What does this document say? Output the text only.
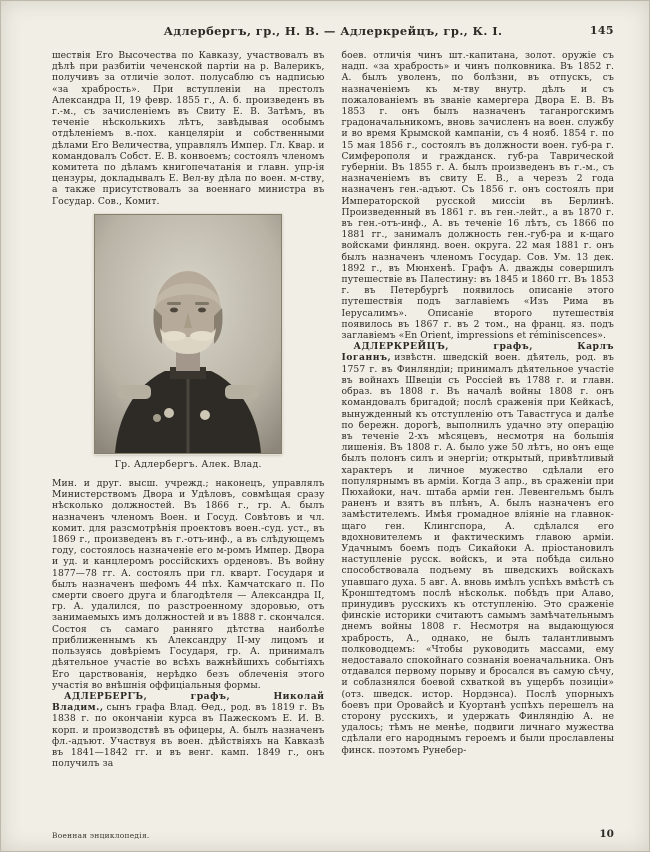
Адлербергъ, гр., Н. В. — Адлеркрейцъ, гр., К. I.	145

шествія Его Высочества по Кавказу, участвовалъ въ дѣлѣ при разбитіи чеченской партіи на р. Валерикъ, получивъ за отличіе золот. полусаблю съ надписью «за храбрость». При вступленіи на престолъ Александра II, 19 февр. 1855 г., А. б. произведенъ въ г.-м., съ зачисленіемъ въ Свиту Е. В. Затѣмъ, въ теченіе нѣсколькихъ лѣтъ, завѣдывая особымъ отдѣленіемъ в.-пох. канцеляріи и собственными дѣлами Его Величества, управлялъ Импер. Гл. Квар. и командовалъ Собст. Е. В. конвоемъ; состоялъ членомъ комитета по дѣламъ книгопечатанія и главн. упр-ія цензуры, докладывалъ Е. Вел-ву дѣла по воен. м-ству, а также присутствовалъ за военнаго министра въ Государ. Сов., Комит.

Гр. Адлербергъ. Алек. Влад.

Мин. и друг. высш. учрежд.; наконецъ, управлялъ Министерствомъ Двора и Удѣловъ, совмѣщая сразу нѣсколько должностей. Въ 1866 г., гр. А. былъ назначенъ членомъ Воен. и Госуд. Совѣтовъ и чл. комит. для разсмотрѣнія проектовъ воен.-суд. уст., въ 1869 г., произведенъ въ г.-отъ-инф., а въ слѣдующемъ году, состоялось назначеніе его м-ромъ Импер. Двора и уд. и канцлеромъ россійскихъ орденовъ. Въ войну 1877—78 гг. А. состоялъ при гл. кварт. Государя и былъ назначенъ шефомъ 44 пѣх. Камчатскаго п. По смерти своего друга и благодѣтеля — Александра II, гр. А. удалился, по разстроенному здоровью, отъ занимаемыхъ имъ должностей и въ 1888 г. скончался. Состоя съ самаго ранняго дѣтства наиболѣе приближеннымъ къ Александру II-му лицомъ и пользуясь довѣріемъ Государя, гр. А. принималъ дѣятельное участіе во всѣхъ важнѣйшихъ событіяхъ Его царствованія, нерѣдко безъ облеченія этого участія во внѣшнія оффиціальныя формы.

АДЛЕРБЕРГЪ, графъ, Николай Владим., сынъ графа Влад. Ѳед., род. въ 1819 г. Въ 1838 г. по окончаніи курса въ Пажескомъ Е. И. В. корп. и производствѣ въ офицеры, А. былъ назначенъ фл.-адъют. Участвуя въ воен. дѣйствіяхъ на Кавказѣ въ 1841—1842 гг. и въ венг. камп. 1849 г., онъ получилъ за

боев. отличія чинъ шт.-капитана, золот. оружіе съ надп. «за храбрость» и чинъ полковника. Въ 1852 г. А. былъ уволенъ, по болѣзни, въ отпускъ, съ назначеніемъ къ м-тву внутр. дѣлъ и съ пожалованіемъ въ званіе камергера Двора Е. В. Въ 1853 г. онъ былъ назначенъ таганрогскимъ градоначальникомъ, вновь зачисленъ на воен. службу и во время Крымской кампаніи, съ 4 нояб. 1854 г. по 15 мая 1856 г., состоялъ въ должности воен. губ-ра г. Симферополя и гражданск. губ-ра Таврической губерніи. Въ 1855 г. А. былъ произведенъ въ г.-м., съ назначеніемъ въ свиту Е. В., а черезъ 2 года назначенъ ген.-адъют. Съ 1856 г. онъ состоялъ при Императорской русской миссіи въ Берлинѣ. Произведенный въ 1861 г. въ ген.-лейт., а въ 1870 г. въ ген.-отъ-инф., А. въ теченіе 16 лѣтъ, съ 1866 по 1881 гг., занималъ должность ген.-губ-ра и к-щаго войсками финлянд. воен. округа. 22 мая 1881 г. онъ былъ назначенъ членомъ Государ. Сов. Ум. 13 дек. 1892 г., въ Мюнхенѣ. Графъ А. дважды совершилъ путешествіе въ Палестину: въ 1845 и 1860 гг. Въ 1853 г. въ Петербургѣ появилось описаніе этого путешествія подъ заглавіемъ «Изъ Рима въ Іерусалимъ». Описаніе второго путешествія появилось въ 1867 г. въ 2 том., на франц. яз. подъ заглавіемъ «En Orient, impressions et réminiscences».

АДЛЕРКРЕЙЦЪ, графъ, Карлъ Іоганнъ, извѣстн. шведскій воен. дѣятель, род. въ 1757 г. въ Финляндіи; принималъ дѣятельное участіе въ войнахъ Швеціи съ Россіей въ 1788 г. и главн. образ. въ 1808 г. Въ началѣ войны 1808 г. онъ командовалъ бригадой; послѣ сраженія при Кейкасѣ, вынужденный къ отступленію отъ Тавастгуса и далѣе по бережн. дорогѣ, выполнилъ удачно эту операцію въ теченіе 2-хъ мѣсяцевъ, несмотря на большія лишенія. Въ 1808 г. А. было уже 50 лѣтъ, но онъ еще былъ полонъ силъ и энергіи; открытый, привѣтливый характеръ и личное мужество сдѣлали его популярнымъ въ арміи. Когда 3 апр., въ сраженіи при Пюхайоки, нач. штаба арміи ген. Левенгельмъ былъ раненъ и взятъ въ плѣнъ, А. былъ назначенъ его замѣстителемъ. Имѣя громадное вліяніе на главнок-щаго ген. Клингспора, А. сдѣлался его вдохновителемъ и фактическимъ главою арміи. Удачнымъ боемъ подъ Сикайоки А. пріостановилъ наступленіе русск. войскъ, и эта побѣда сильно способствовала подъему въ шведскихъ войскахъ упавшаго духа. 5 авг. А. вновь имѣлъ успѣхъ вмѣстѣ съ Кронштедтомъ послѣ нѣскольк. побѣдъ при Алаво, принудивъ русскихъ къ отступленію. Это сраженіе финскіе историки считаютъ самымъ замѣчательнымъ днемъ войны 1808 г. Несмотря на выдающуюся храбрость, А., однако, не былъ талантливымъ полководцемъ: «Чтобы руководить массами, ему недоставало спокойнаго сознанія военачальника. Онъ отдавался первому порыву и бросался въ самую сѣчу, и соблазнялся боевой схваткой въ ущербъ позиціи» (отз. шведск. истор. Нордэнса). Послѣ упорныхъ боевъ при Оровайсѣ и Куортанѣ успѣхъ перешелъ на сторону русскихъ, и удержать Финляндію А. не удалось; тѣмъ не менѣе, подвиги личнаго мужества сдѣлали его народнымъ героемъ и были прославлены финск. поэтомъ Рунебер-

Военная энциклопедія.	10
